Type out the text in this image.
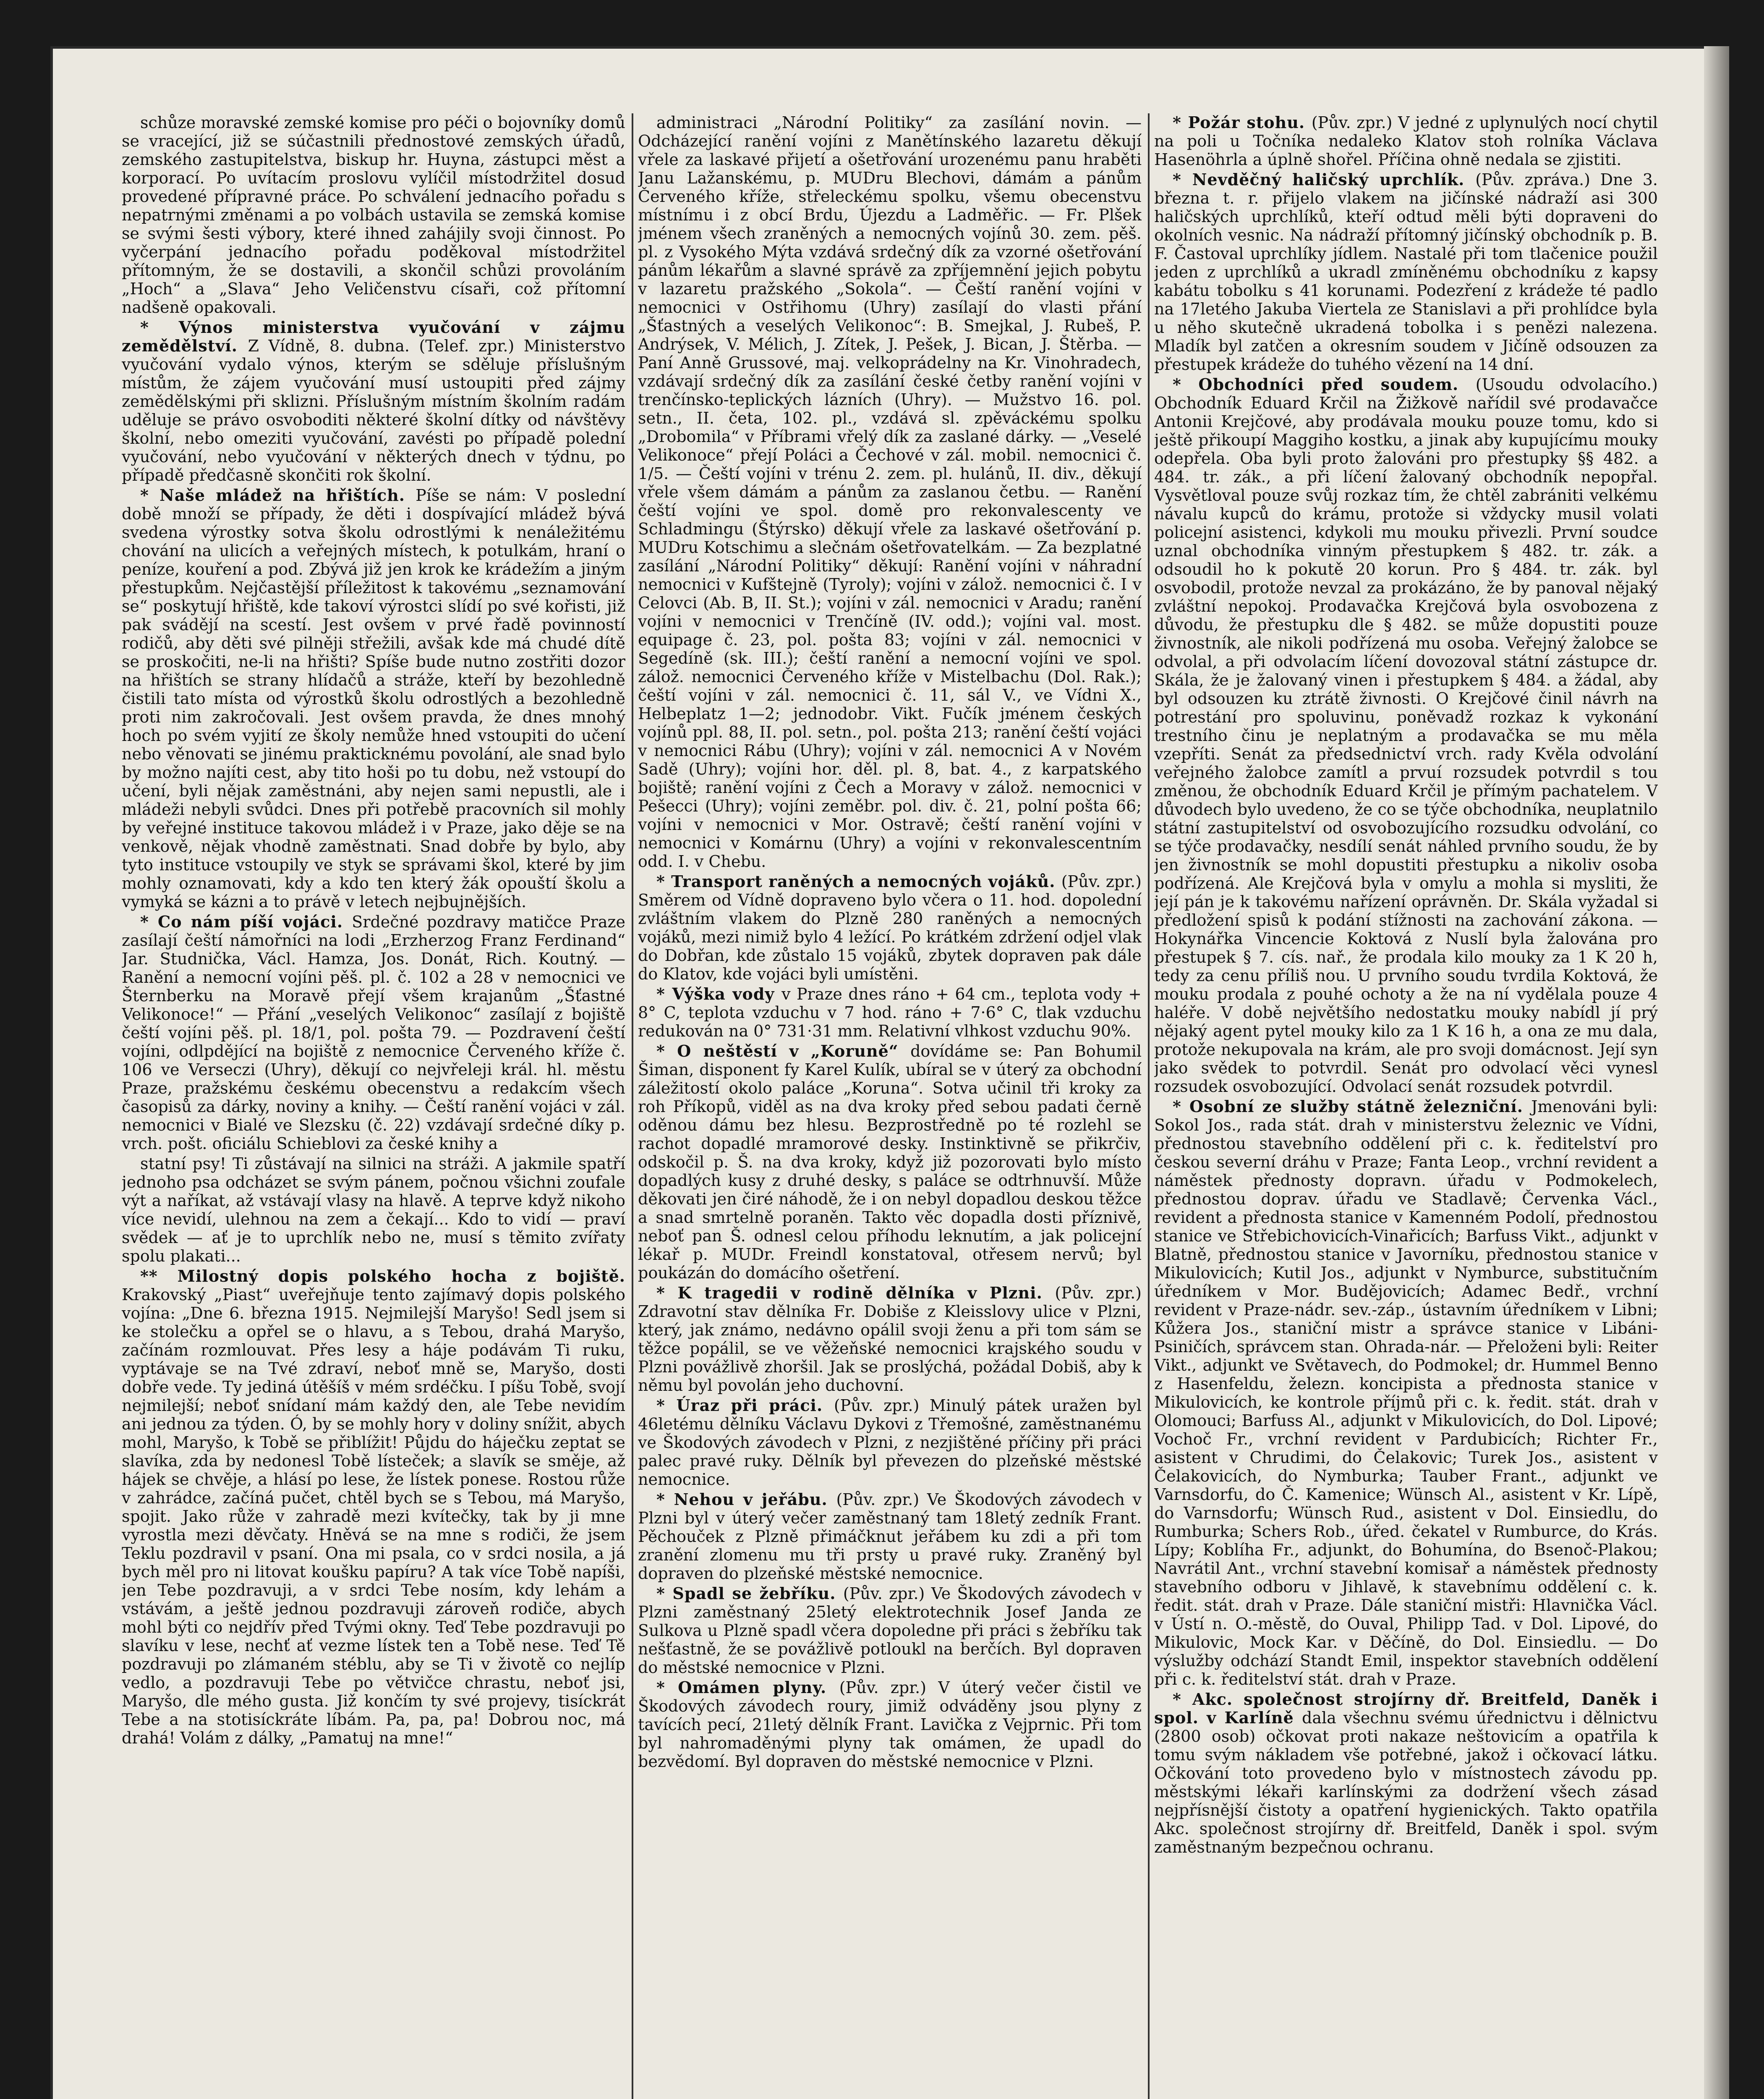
schůze moravské zemské komise pro péči o bojovníky domů se vracející, již se súčastnili přednostové zemských úřadů, zemského zastupitelstva, biskup hr. Huyna, zástupci měst a korporací. Po uvítacím proslovu vylíčil místodržitel dosud provedené přípravné práce. Po schválení jednacího pořadu s nepatrnými změnami a po volbách ustavila se zemská komise se svými šesti výbory, které ihned zahájily svoji činnost. Po vyčerpání jednacího pořadu poděkoval místodržitel přítomným, že se dostavili, a skončil schůzi provoláním „Hoch“ a „Slava“ Jeho Veličenstvu císaři, což přítomní nadšeně opakovali.

* Výnos ministerstva vyučování v zájmu zemědělství. Z Vídně, 8. dubna. (Telef. zpr.) Ministerstvo vyučování vydalo výnos, kterým se sděluje příslušným místům, že zájem vyučování musí ustoupiti před zájmy zemědělskými při sklizni. Příslušným místním školním radám uděluje se právo osvoboditi některé školní dítky od návštěvy školní, nebo omeziti vyučování, zavésti po případě polední vyučování, nebo vyučování v některých dnech v týdnu, po případě předčasně skončiti rok školní.

* Naše mládež na hřištích. Píše se nám: V poslední době množí se případy, že děti i dospívající mládež bývá svedena výrostky sotva školu odrostlými k nenáležitému chování na ulicích a veřejných místech, k potulkám, hraní o peníze, kouření a pod. Zbývá již jen krok ke krádežím a jiným přestupkům. Nejčastější příležitost k takovému „seznamování se“ poskytují hřiště, kde takoví výrostci slídí po své kořisti, již pak svádějí na scestí. Jest ovšem v prvé řadě povinností rodičů, aby děti své pilněji střežili, avšak kde má chudé dítě se proskočiti, ne-li na hřišti? Spíše bude nutno zostřiti dozor na hřištích se strany hlídačů a stráže, kteří by bezohledně čistili tato místa od výrostků školu odrostlých a bezohledně proti nim zakročovali. Jest ovšem pravda, že dnes mnohý hoch po svém vyjití ze školy nemůže hned vstoupiti do učení nebo věnovati se jinému prakticknému povolání, ale snad bylo by možno najíti cest, aby tito hoši po tu dobu, než vstoupí do učení, byli nějak zaměstnáni, aby nejen sami nepustli, ale i mládeži nebyli svůdci. Dnes při potřebě pracovních sil mohly by veřejné instituce takovou mládež i v Praze, jako děje se na venkově, nějak vhodně zaměstnati. Snad dobře by bylo, aby tyto instituce vstoupily ve styk se správami škol, které by jim mohly oznamovati, kdy a kdo ten který žák opouští školu a vymyká se kázni a to právě v letech nejbujnějších.

* Co nám píší vojáci. Srdečné pozdravy matičce Praze zasílají čeští námořníci na lodi „Erzherzog Franz Ferdinand“ Jar. Studnička, Václ. Hamza, Jos. Donát, Rich. Koutný. — Ranění a nemocní vojíni pěš. pl. č. 102 a 28 v nemocnici ve Šternberku na Moravě přejí všem krajanům „Šťastné Velikonoce!“ — Přání „veselých Velikonoc“ zasílají z bojiště čeští vojíni pěš. pl. 18/1, pol. pošta 79. — Pozdravení čeští vojíni, odlpdějící na bojiště z nemocnice Červeného kříže č. 106 ve Verseczi (Uhry), děkují co nejvřeleji král. hl. městu Praze, pražskému českému obecenstvu a redakcím všech časopisů za dárky, noviny a knihy. — Čeští ranění vojáci v zál. nemocnici v Bialé ve Slezsku (č. 22) vzdávají srdečné díky p. vrch. pošt. oficiálu Schieblovi za české knihy a

statní psy! Ti zůstávají na silnici na stráži. A jakmile spatří jednoho psa odcházet se svým pánem, počnou všichni zoufale výt a naříkat, až vstávají vlasy na hlavě. A teprve když nikoho více nevidí, ulehnou na zem a čekají... Kdo to vidí — praví svědek — ať je to uprchlík nebo ne, musí s těmito zvířaty spolu plakati...

** Milostný dopis polského hocha z bojiště. Krakovský „Piast“ uveřejňuje tento zajímavý dopis polského vojína: „Dne 6. března 1915. Nejmilejší Maryšo! Sedl jsem si ke stolečku a opřel se o hlavu, a s Tebou, drahá Maryšo, začínám rozmlouvat. Přes lesy a háje podávám Ti ruku, vyptávaje se na Tvé zdraví, neboť mně se, Maryšo, dosti dobře vede. Ty jediná útěšíš v mém srdéčku. I píšu Tobě, svojí nejmilejší; neboť snídaní mám každý den, ale Tebe nevidím ani jednou za týden. Ó, by se mohly hory v doliny snížit, abych mohl, Maryšo, k Tobě se přiblížit! Půjdu do háječku zeptat se slavíka, zda by nedonesl Tobě lísteček; a slavík se směje, až hájek se chvěje, a hlásí po lese, že lístek ponese. Rostou růže v zahrádce, začíná pučet, chtěl bych se s Tebou, má Maryšo, spojit. Jako růže v zahradě mezi kvítečky, tak by ji mne vyrostla mezi děvčaty. Hněvá se na mne s rodiči, že jsem Teklu pozdravil v psaní. Ona mi psala, co v srdci nosila, a já bych měl pro ni litovat koušku papíru? A tak více Tobě napíši, jen Tebe pozdravuji, a v srdci Tebe nosím, kdy lehám a vstávám, a ještě jednou pozdravuji zároveň rodiče, abych mohl býti co nejdřív před Tvými okny. Teď Tebe pozdravuji po slavíku v lese, nechť ať vezme lístek ten a Tobě nese. Teď Tě pozdravuji po zlámaném stéblu, aby se Ti v životě co nejlíp vedlo, a pozdravuji Tebe po větvičce chrastu, neboť jsi, Maryšo, dle mého gusta. Již končím ty své projevy, tisíckrát Tebe a na stotisíckráte líbám. Pa, pa, pa! Dobrou noc, má drahá! Volám z dálky, „Pamatuj na mne!“

administraci „Národní Politiky“ za zasílání novin. — Odcházející ranění vojíni z Manětínského lazaretu děkují vřele za laskavé přijetí a ošetřování urozenému panu hraběti Janu Lažanskému, p. MUDru Blechovi, dámám a pánům Červeného kříže, střeleckému spolku, všemu obecenstvu místnímu i z obcí Brdu, Újezdu a Ladměřic. — Fr. Plšek jménem všech zraněných a nemocných vojínů 30. zem. pěš. pl. z Vysokého Mýta vzdává srdečný dík za vzorné ošetřování pánům lékařům a slavné správě za zpříjemnění jejich pobytu v lazaretu pražského „Sokola“. — Čeští ranění vojíni v nemocnici v Ostřihomu (Uhry) zasílají do vlasti přání „Šťastných a veselých Velikonoc“: B. Smejkal, J. Rubeš, P. Andrýsek, V. Mélich, J. Zítek, J. Pešek, J. Bican, J. Štěrba. — Paní Anně Grussové, maj. velkoprádelny na Kr. Vinohradech, vzdávají srdečný dík za zasílání české četby ranění vojíni v trenčínsko-teplických lázních (Uhry). — Mužstvo 16. pol. setn., II. četa, 102. pl., vzdává sl. zpěváckému spolku „Drobomila“ v Příbrami vřelý dík za zaslané dárky. — „Veselé Velikonoce“ přejí Poláci a Čechové v zál. mobil. nemocnici č. 1/5. — Čeští vojíni v trénu 2. zem. pl. hulánů, II. div., děkují vřele všem dámám a pánům za zaslanou četbu. — Ranění čeští vojíni ve spol. domě pro rekonvalescenty ve Schladmingu (Štýrsko) děkují vřele za laskavé ošetřování p. MUDru Kotschimu a slečnám ošetřovatelkám. — Za bezplatné zasílání „Národní Politiky“ děkují: Ranění vojíni v náhradní nemocnici v Kufštejně (Tyroly); vojíni v zálož. nemocnici č. I v Celovci (Ab. B, II. St.); vojíni v zál. nemocnici v Aradu; ranění vojíni v nemocnici v Trenčíně (IV. odd.); vojíni val. most. equipage č. 23, pol. pošta 83; vojíni v zál. nemocnici v Segedíně (sk. III.); čeští ranění a nemocní vojíni ve spol. zálož. nemocnici Červeného kříže v Mistelbachu (Dol. Rak.); čeští vojíni v zál. nemocnici č. 11, sál V., ve Vídni X., Helbeplatz 1—2; jednodobr. Vikt. Fučík jménem českých vojínů ppl. 88, II. pol. setn., pol. pošta 213; ranění čeští vojáci v nemocnici Rábu (Uhry); vojíni v zál. nemocnici A v Novém Sadě (Uhry); vojíni hor. děl. pl. 8, bat. 4., z karpatského bojiště; ranění vojíni z Čech a Moravy v zálož. nemocnici v Pešecci (Uhry); vojíni zeměbr. pol. div. č. 21, polní pošta 66; vojíni v nemocnici v Mor. Ostravě; čeští ranění vojíni v nemocnici v Komárnu (Uhry) a vojíni v rekonvalescentním odd. I. v Chebu.

* Transport raněných a nemocných vojáků. (Pův. zpr.) Směrem od Vídně dopraveno bylo včera o 11. hod. dopolední zvláštním vlakem do Plzně 280 raněných a nemocných vojáků, mezi nimiž bylo 4 ležící. Po krátkém zdržení odjel vlak do Dobřan, kde zůstalo 15 vojáků, zbytek dopraven pak dále do Klatov, kde vojáci byli umístěni.

* Výška vody v Praze dnes ráno + 64 cm., teplota vody + 8° C, teplota vzduchu v 7 hod. ráno + 7·6° C, tlak vzduchu redukován na 0° 731·31 mm. Relativní vlhkost vzduchu 90%.

* O neštěstí v „Koruně“ dovídáme se: Pan Bohumil Šiman, disponent fy Karel Kulík, ubíral se v úterý za obchodní záležitostí okolo paláce „Koruna“. Sotva učinil tři kroky za roh Příkopů, viděl as na dva kroky před sebou padati černě oděnou dámu bez hlesu. Bezprostředně po té rozlehl se rachot dopadlé mramorové desky. Instinktivně se přikrčiv, odskočil p. Š. na dva kroky, když již pozorovati bylo místo dopadlých kusy z druhé desky, s paláce se odtrhnuvší. Může děkovati jen čiré náhodě, že i on nebyl dopadlou deskou těžce a snad smrtelně poraněn. Takto věc dopadla dosti příznivě, neboť pan Š. odnesl celou příhodu leknutím, a jak policejní lékař p. MUDr. Freindl konstatoval, otřesem nervů; byl poukázán do domácího ošetření.

* K tragedii v rodině dělníka v Plzni. (Pův. zpr.) Zdravotní stav dělníka Fr. Dobiše z Kleisslovy ulice v Plzni, který, jak známo, nedávno opálil svoji ženu a při tom sám se těžce popálil, se ve věžeňské nemocnici krajského soudu v Plzni povážlivě zhoršil. Jak se proslýchá, požádal Dobiš, aby k němu byl povolán jeho duchovní.

* Úraz při práci. (Pův. zpr.) Minulý pátek uražen byl 46letému dělníku Václavu Dykovi z Třemošné, zaměstnanému ve Škodových závodech v Plzni, z nezjištěné příčiny při práci palec pravé ruky. Dělník byl převezen do plzeňské městské nemocnice.

* Nehou v jeřábu. (Pův. zpr.) Ve Škodových závodech v Plzni byl v úterý večer zaměstnaný tam 18letý zedník Frant. Pěchouček z Plzně přimáčknut jeřábem ku zdi a při tom zranění zlomenu mu tři prsty u pravé ruky. Zraněný byl dopraven do plzeňské městské nemocnice.

* Spadl se žebříku. (Pův. zpr.) Ve Škodových závodech v Plzni zaměstnaný 25letý elektrotechnik Josef Janda ze Sulkova u Plzně spadl včera dopoledne při práci s žebříku tak nešťastně, že se povážlivě potloukl na berčích. Byl dopraven do městské nemocnice v Plzni.

* Omámen plyny. (Pův. zpr.) V úterý večer čistil ve Škodových závodech roury, jimiž odváděny jsou plyny z tavících pecí, 21letý dělník Frant. Lavička z Vejprnic. Při tom byl nahromaděnými plyny tak omámen, že upadl do bezvědomí. Byl dopraven do městské nemocnice v Plzni.

* Požár stohu. (Pův. zpr.) V jedné z uplynulých nocí chytil na poli u Točníka nedaleko Klatov stoh rolníka Václava Hasenöhrla a úplně shořel. Příčina ohně nedala se zjistiti.

* Nevděčný haličský uprchlík. (Pův. zpráva.) Dne 3. března t. r. přijelo vlakem na jičínské nádraží asi 300 haličských uprchlíků, kteří odtud měli býti dopraveni do okolních vesnic. Na nádraží přítomný jičínský obchodník p. B. F. Častoval uprchlíky jídlem. Nastalé při tom tlačenice použil jeden z uprchlíků a ukradl zmíněnému obchodníku z kapsy kabátu tobolku s 41 korunami. Podezření z krádeže té padlo na 17letého Jakuba Viertela ze Stanislavi a při prohlídce byla u něho skutečně ukradená tobolka i s penězi nalezena. Mladík byl zatčen a okresním soudem v Jičíně odsouzen za přestupek krádeže do tuhého vězení na 14 dní.

* Obchodníci před soudem. (Usoudu odvolacího.) Obchodník Eduard Krčil na Žižkově nařídil své prodavačce Antonii Krejčové, aby prodávala mouku pouze tomu, kdo si ještě přikoupí Maggiho kostku, a jinak aby kupujícímu mouky odepřela. Oba byli proto žalováni pro přestupky §§ 482. a 484. tr. zák., a při líčení žalovaný obchodník nepopřal. Vysvětloval pouze svůj rozkaz tím, že chtěl zabrániti velkému návalu kupců do krámu, protože si vždycky musil volati policejní asistenci, kdykoli mu mouku přivezli. První soudce uznal obchodníka vinným přestupkem § 482. tr. zák. a odsoudil ho k pokutě 20 korun. Pro § 484. tr. zák. byl osvobodil, protože nevzal za prokázáno, že by panoval nějaký zvláštní nepokoj. Prodavačka Krejčová byla osvobozena z důvodu, že přestupku dle § 482. se může dopustiti pouze živnostník, ale nikoli podřízená mu osoba. Veřejný žalobce se odvolal, a při odvolacím líčení dovozoval státní zástupce dr. Skála, že je žalovaný vinen i přestupkem § 484. a žádal, aby byl odsouzen ku ztrátě živnosti. O Krejčové činil návrh na potrestání pro spoluvinu, poněvadž rozkaz k vykonání trestního činu je neplatným a prodavačka se mu měla vzepříti. Senát za předsednictví vrch. rady Kvěla odvolání veřejného žalobce zamítl a prvuí rozsudek potvrdil s tou změnou, že obchodník Eduard Krčil je přímým pachatelem. V důvodech bylo uvedeno, že co se týče obchodníka, neuplatnilo státní zastupitelství od osvobozujícího rozsudku odvolání, co se týče prodavačky, nesdílí senát náhled prvního soudu, že by jen živnostník se mohl dopustiti přestupku a nikoliv osoba podřízená. Ale Krejčová byla v omylu a mohla si mysliti, že její pán je k takovému nařízení oprávněn. Dr. Skála vyžadal si předložení spisů k podání stížnosti na zachování zákona. — Hokynářka Vincencie Koktová z Nuslí byla žalována pro přestupek § 7. cís. nař., že prodala kilo mouky za 1 K 20 h, tedy za cenu příliš nou. U prvního soudu tvrdila Koktová, že mouku prodala z pouhé ochoty a že na ní vydělala pouze 4 haléře. V době největšího nedostatku mouky nabídl jí prý nějaký agent pytel mouky kilo za 1 K 16 h, a ona ze mu dala, protože nekupovala na krám, ale pro svoji domácnost. Její syn jako svědek to potvrdil. Senát pro odvolací věci vynesl rozsudek osvobozující. Odvolací senát rozsudek potvrdil.

* Osobní ze služby státně železniční. Jmenováni byli: Sokol Jos., rada stát. drah v ministerstvu železnic ve Vídni, přednostou stavebního oddělení při c. k. ředitelství pro českou severní dráhu v Praze; Fanta Leop., vrchní revident a náměstek přednosty dopravn. úřadu v Podmokelech, přednostou doprav. úřadu ve Stadlavě; Červenka Václ., revident a přednosta stanice v Kamenném Podolí, přednostou stanice ve Střebichovicích-Vinařicích; Barfuss Vikt., adjunkt v Blatně, přednostou stanice v Javorníku, přednostou stanice v Mikulovicích; Kutil Jos., adjunkt v Nymburce, substitučním úředníkem v Mor. Budějovicích; Adamec Bedř., vrchní revident v Praze-nádr. sev.-záp., ústavním úředníkem v Libni; Kůžera Jos., staniční mistr a správce stanice v Libáni-Psiničích, správcem stan. Ohrada-nár. — Přeloženi byli: Reiter Vikt., adjunkt ve Světavech, do Podmokel; dr. Hummel Benno z Hasenfeldu, železn. koncipista a přednosta stanice v Mikulovicích, ke kontrole příjmů při c. k. ředit. stát. drah v Olomouci; Barfuss Al., adjunkt v Mikulovicích, do Dol. Lipové; Vochoč Fr., vrchní revident v Pardubicích; Richter Fr., asistent v Chrudimi, do Čelakovic; Turek Jos., asistent v Čelakovicích, do Nymburka; Tauber Frant., adjunkt ve Varnsdorfu, do Č. Kamenice; Wünsch Al., asistent v Kr. Lípě, do Varnsdorfu; Wünsch Rud., asistent v Dol. Einsiedlu, do Rumburka; Schers Rob., úřed. čekatel v Rumburce, do Krás. Lípy; Koblíha Fr., adjunkt, do Bohumína, do Bsenoč-Plakou; Navrátil Ant., vrchní stavební komisař a náměstek přednosty stavebního odboru v Jihlavě, k stavebnímu oddělení c. k. ředit. stát. drah v Praze. Dále staniční mistři: Hlavnička Václ. v Ústí n. O.-městě, do Ouval, Philipp Tad. v Dol. Lipové, do Mikulovic, Mock Kar. v Děčíně, do Dol. Einsiedlu. — Do výslužby odchází Standt Emil, inspektor stavebních oddělení při c. k. ředitelství stát. drah v Praze.

* Akc. společnost strojírny dř. Breitfeld, Daněk i spol. v Karlíně dala všechnu svému úřednictvu i dělnictvu (2800 osob) očkovat proti nakaze neštovicím a opatřila k tomu svým nákladem vše potřebné, jakož i očkovací látku. Očkování toto provedeno bylo v místnostech závodu pp. městskými lékaři karlínskými za dodržení všech zásad nejpřísnější čistoty a opatření hygienických. Takto opatřila Akc. společnost strojírny dř. Breitfeld, Daněk i spol. svým zaměstnaným bezpečnou ochranu.
